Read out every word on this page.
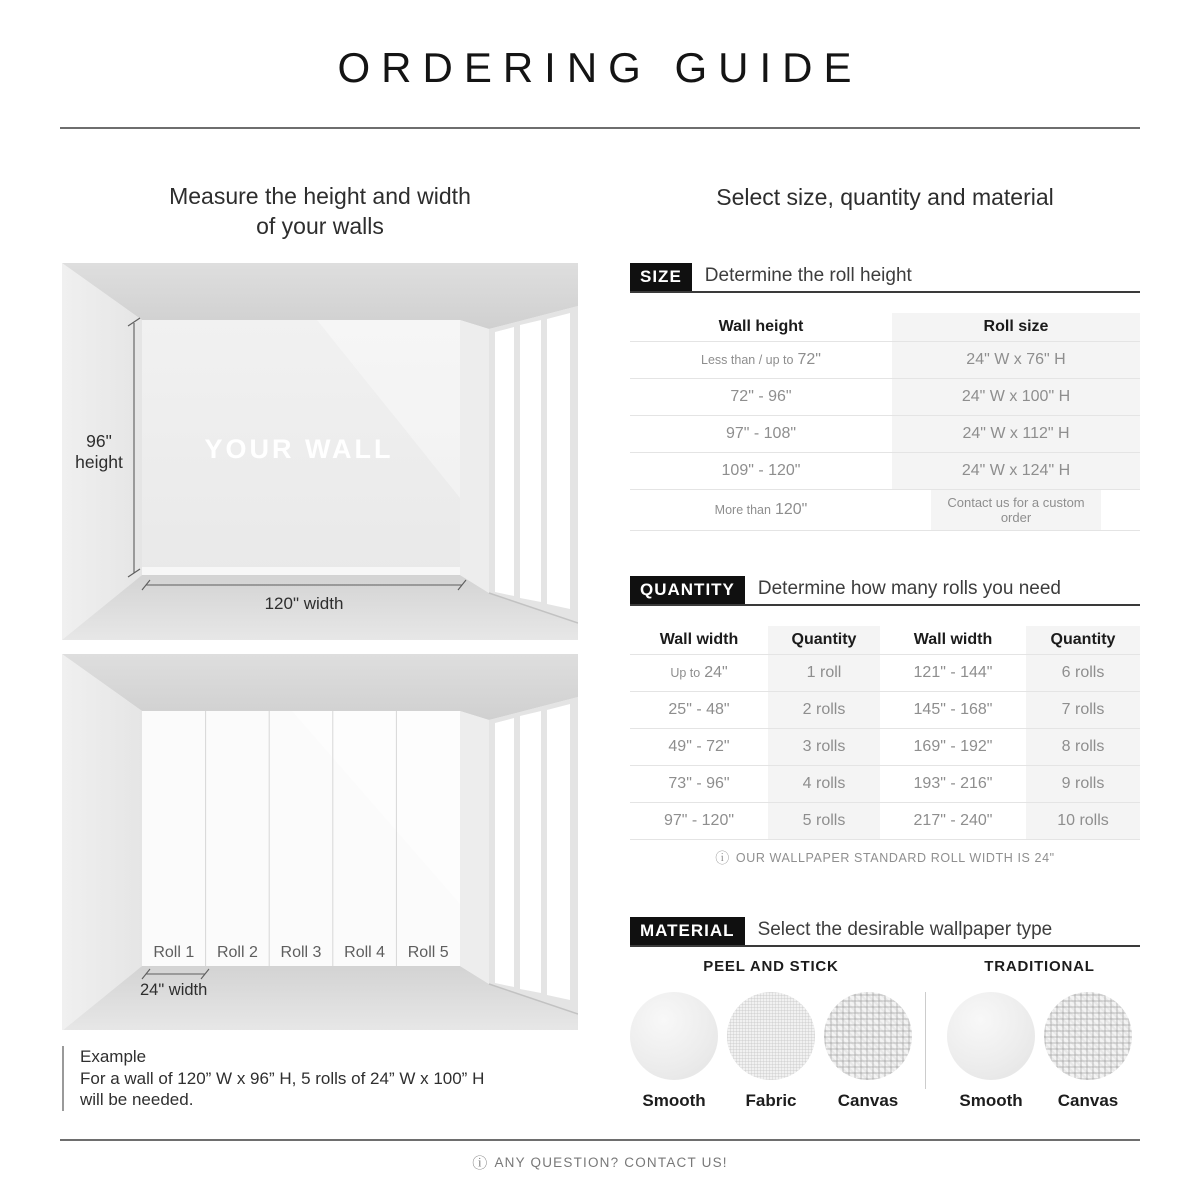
ORDERING GUIDE
Measure the height and width
of your walls
Select size, quantity and material
96"
height	YOUR WALL
120" width
Roll 1 Roll 2 Roll 3 Roll 4 Roll 5
24" width
Example
For a wall of 120” W x 96” H, 5 rolls of 24” W x 100” H
will be needed.
SIZE	Determine the roll height
Wall height	Roll size
Less than / up to 72"	24" W x 76" H
72" - 96"	24" W x 100" H
97" - 108"	24" W x 112" H
109" - 120"	24" W x 124" H
More than 120"	Contact us for a custom order
QUANTITY	Determine how many rolls you need
Wall width	Quantity	Wall width	Quantity
Up to 24"	1 roll	121" - 144"	6 rolls
25" - 48"	2 rolls	145" - 168"	7 rolls
49" - 72"	3 rolls	169" - 192"	8 rolls
73" - 96"	4 rolls	193" - 216"	9 rolls
97" - 120"	5 rolls	217" - 240"	10 rolls
ⓘ OUR WALLPAPER STANDARD ROLL WIDTH IS 24"
MATERIAL	Select the desirable wallpaper type
PEEL AND STICK
Smooth Fabric Canvas
TRADITIONAL
Smooth Canvas
ⓘ ANY QUESTION? CONTACT US!
